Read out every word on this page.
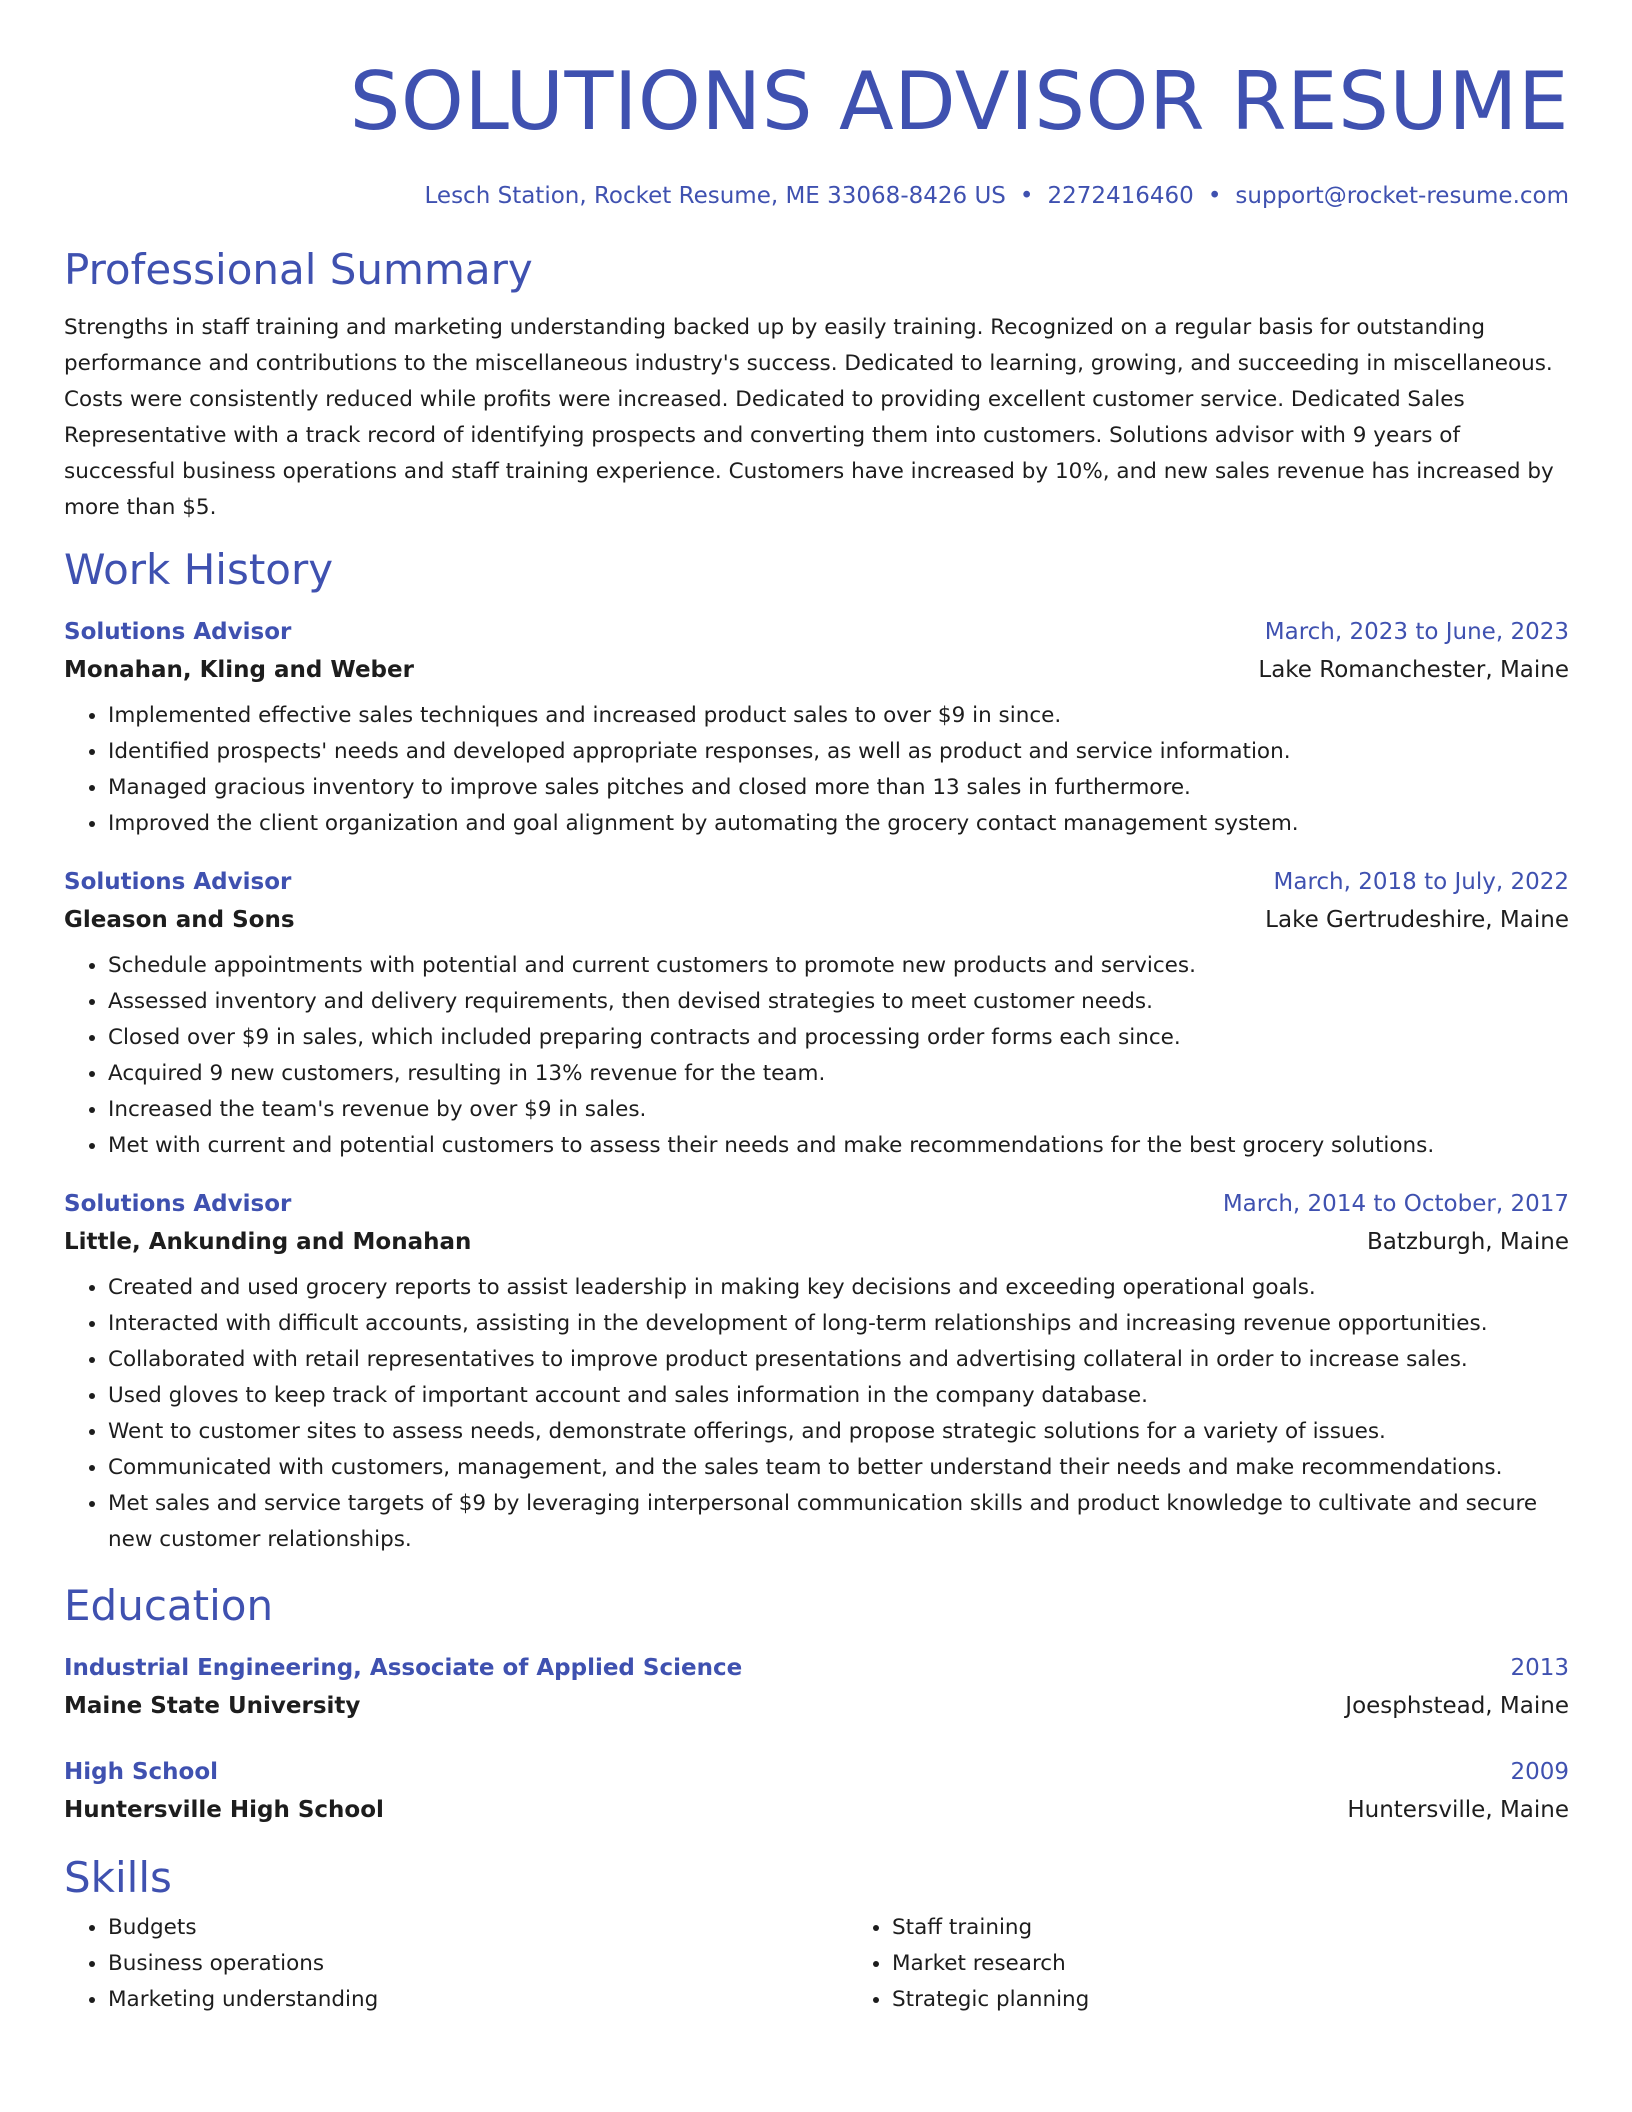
SOLUTIONS ADVISOR RESUME
Lesch Station, Rocket Resume, ME 33068-8426 US • 2272416460 • support@rocket-resume.com
Professional Summary
Strengths in staff training and marketing understanding backed up by easily training. Recognized on a regular basis for outstanding performance and contributions to the miscellaneous industry's success. Dedicated to learning, growing, and succeeding in miscellaneous. Costs were consistently reduced while profits were increased. Dedicated to providing excellent customer service. Dedicated Sales Representative with a track record of identifying prospects and converting them into customers. Solutions advisor with 9 years of successful business operations and staff training experience. Customers have increased by 10%, and new sales revenue has increased by more than $5.
Work History
Solutions Advisor	March, 2023 to June, 2023
Monahan, Kling and Weber	Lake Romanchester, Maine
• Implemented effective sales techniques and increased product sales to over $9 in since.
• Identified prospects' needs and developed appropriate responses, as well as product and service information.
• Managed gracious inventory to improve sales pitches and closed more than 13 sales in furthermore.
• Improved the client organization and goal alignment by automating the grocery contact management system.
Solutions Advisor	March, 2018 to July, 2022
Gleason and Sons	Lake Gertrudeshire, Maine
• Schedule appointments with potential and current customers to promote new products and services.
• Assessed inventory and delivery requirements, then devised strategies to meet customer needs.
• Closed over $9 in sales, which included preparing contracts and processing order forms each since.
• Acquired 9 new customers, resulting in 13% revenue for the team.
• Increased the team's revenue by over $9 in sales.
• Met with current and potential customers to assess their needs and make recommendations for the best grocery solutions.
Solutions Advisor	March, 2014 to October, 2017
Little, Ankunding and Monahan	Batzburgh, Maine
• Created and used grocery reports to assist leadership in making key decisions and exceeding operational goals.
• Interacted with difficult accounts, assisting in the development of long-term relationships and increasing revenue opportunities.
• Collaborated with retail representatives to improve product presentations and advertising collateral in order to increase sales.
• Used gloves to keep track of important account and sales information in the company database.
• Went to customer sites to assess needs, demonstrate offerings, and propose strategic solutions for a variety of issues.
• Communicated with customers, management, and the sales team to better understand their needs and make recommendations.
• Met sales and service targets of $9 by leveraging interpersonal communication skills and product knowledge to cultivate and secure new customer relationships.
Education
Industrial Engineering, Associate of Applied Science	2013
Maine State University	Joesphstead, Maine
High School	2009
Huntersville High School	Huntersville, Maine
Skills
• Budgets
• Business operations
• Marketing understanding
• Staff training
• Market research
• Strategic planning
